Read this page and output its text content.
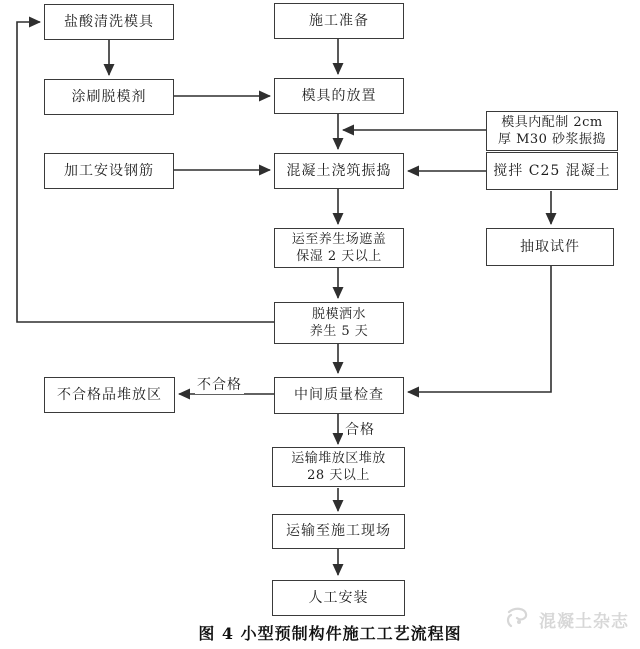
盐酸清洗模具	施工准备
涂刷脱模剂	模具的放置
模具内配制 2cm
厚 M30 砂浆振捣
加工安设钢筋	混凝土浇筑振捣	搅拌 C25 混凝土
运至养生场遮盖
保湿 2 天以上
抽取试件
脱模洒水
养生 5 天
中间质量检查
不合格品堆放区
运输堆放区堆放
28 天以上
运输至施工现场
人工安装
不合格
合格
图 4 小型预制构件施工工艺流程图
混凝土杂志
